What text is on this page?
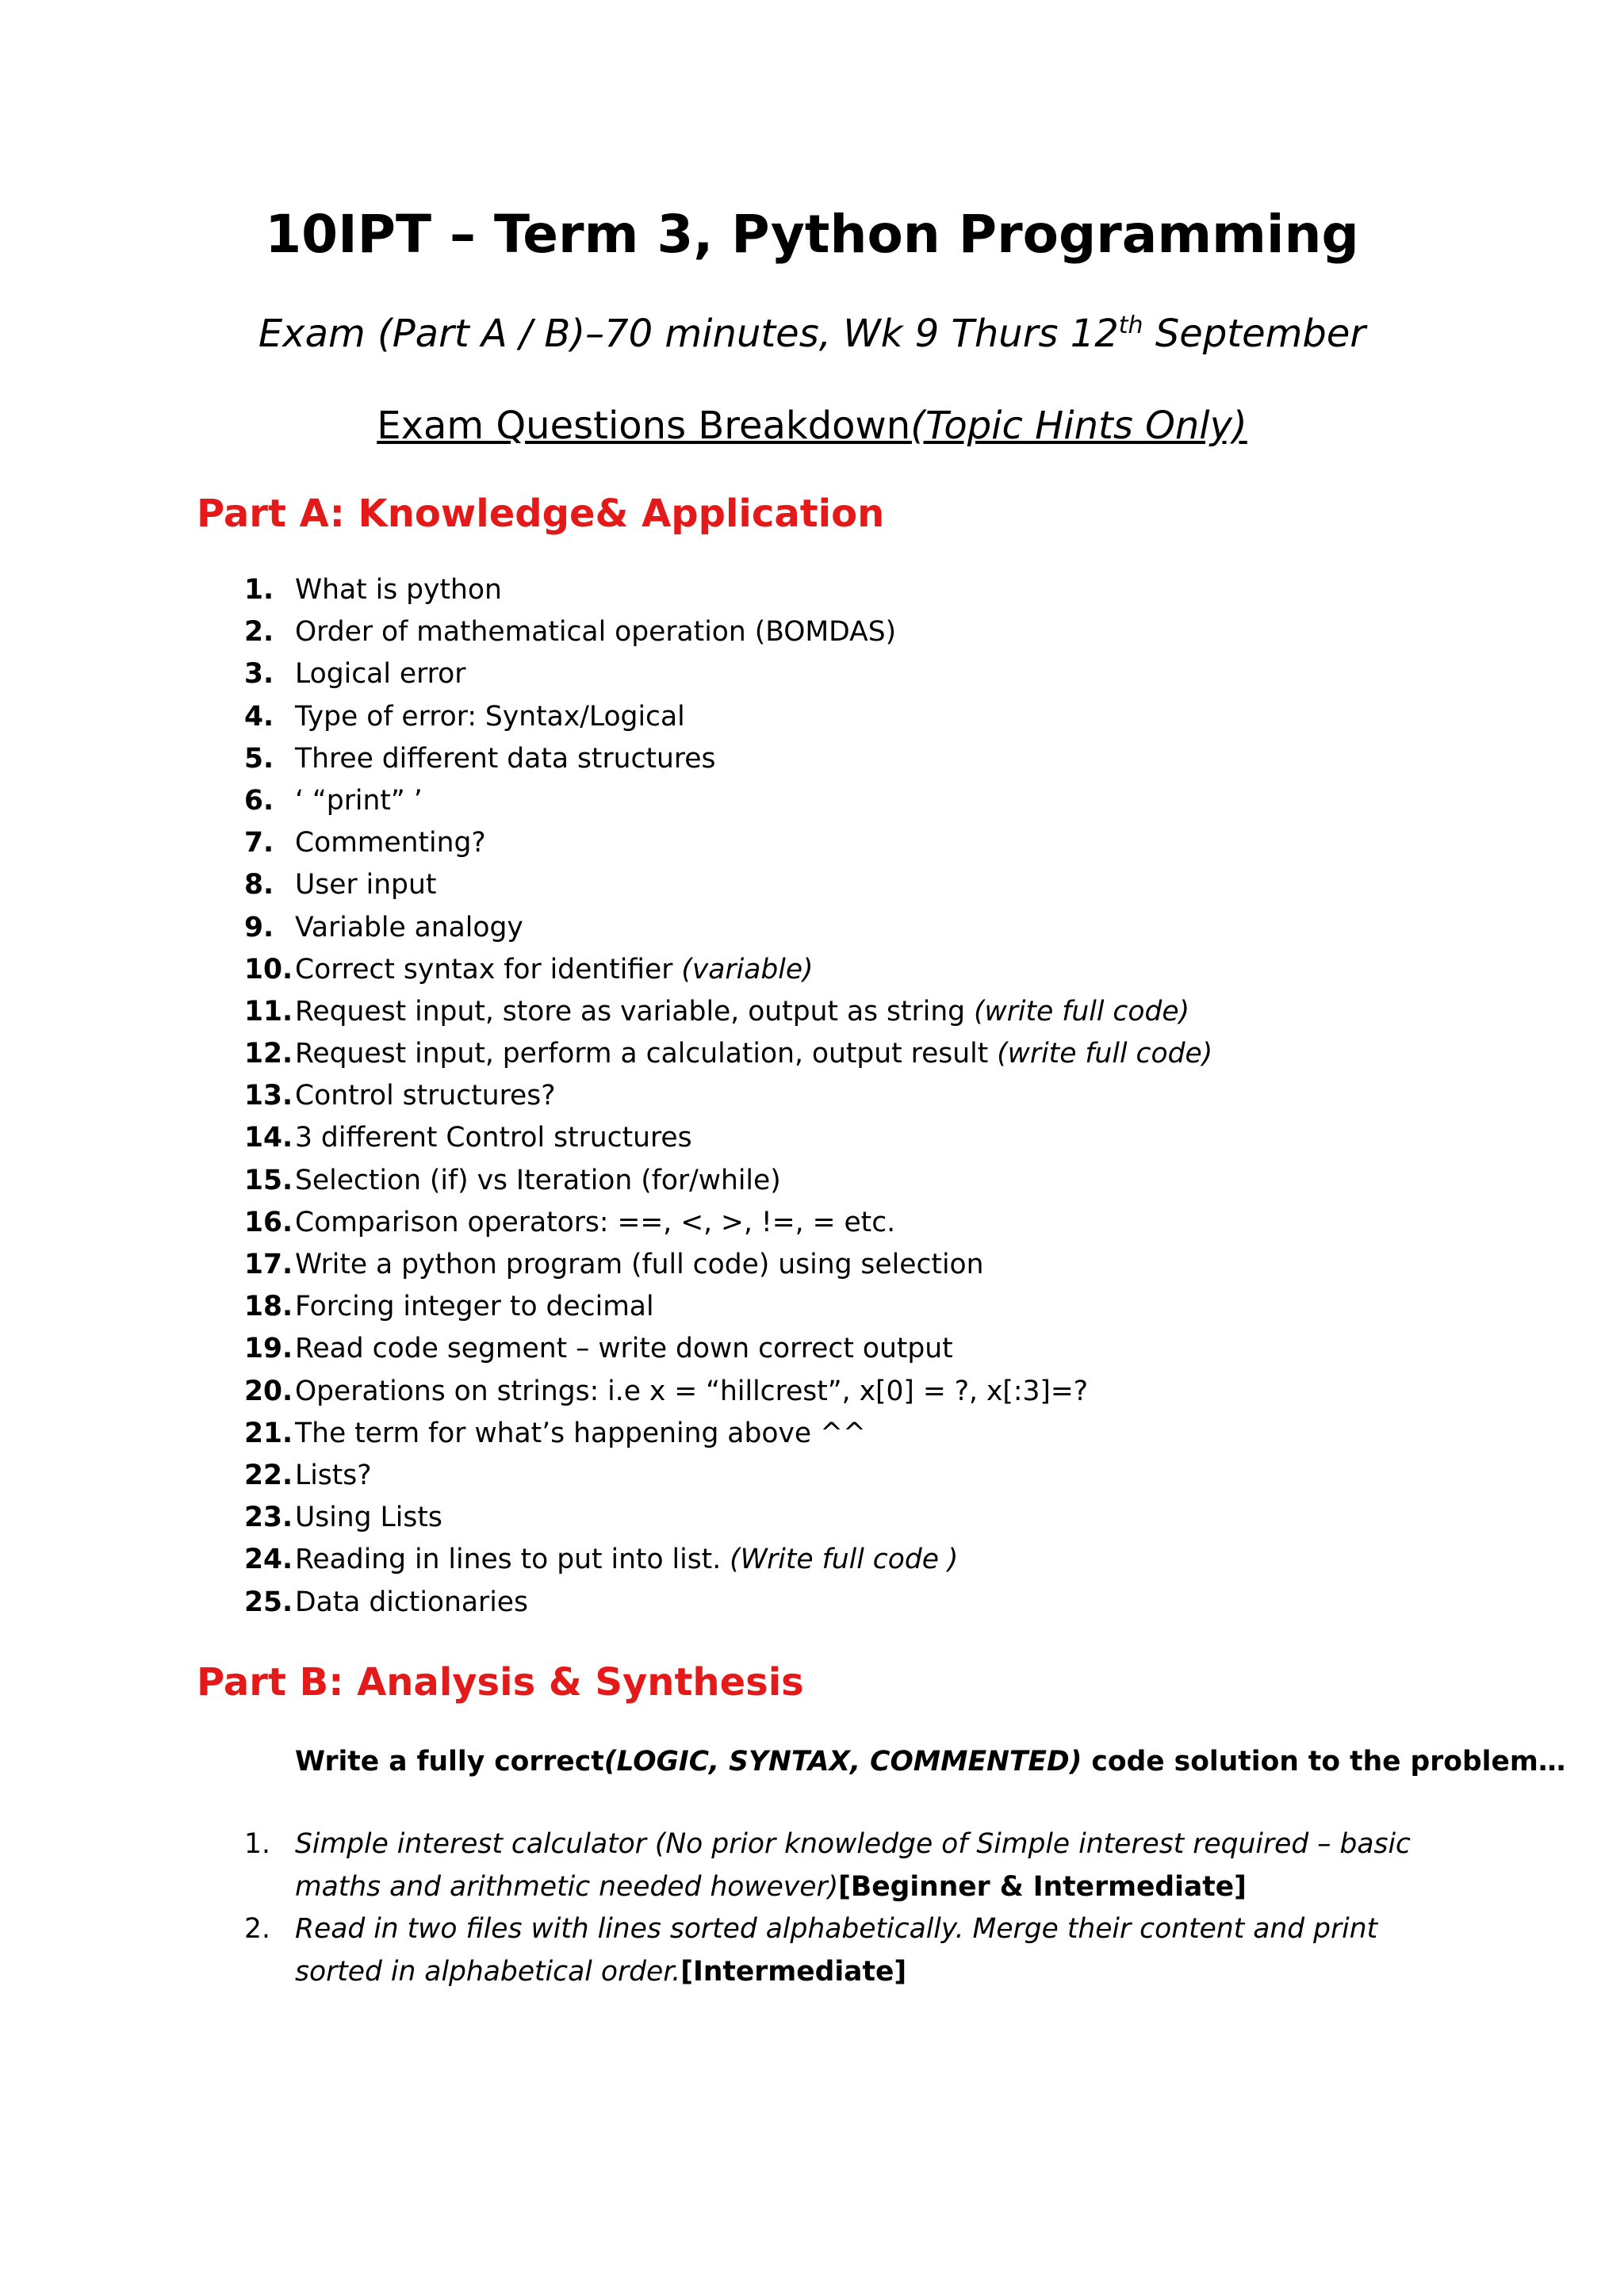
10IPT – Term 3, Python Programming
Exam (Part A / B)–70 minutes, Wk 9 Thurs 12th September
Exam Questions Breakdown(Topic Hints Only)
Part A: Knowledge& Application
1. What is python
2. Order of mathematical operation (BOMDAS)
3. Logical error
4. Type of error: Syntax/Logical
5. Three different data structures
6. ‘ “print” ’
7. Commenting?
8. User input
9. Variable analogy
10. Correct syntax for identifier (variable)
11. Request input, store as variable, output as string (write full code)
12. Request input, perform a calculation, output result (write full code)
13. Control structures?
14. 3 different Control structures
15. Selection (if) vs Iteration (for/while)
16. Comparison operators: ==, <, >, !=, = etc.
17. Write a python program (full code) using selection
18. Forcing integer to decimal
19. Read code segment – write down correct output
20. Operations on strings: i.e x = “hillcrest”, x[0] = ?, x[:3]=?
21. The term for what’s happening above ^^
22. Lists?
23. Using Lists
24. Reading in lines to put into list. (Write full code )
25. Data dictionaries
Part B: Analysis & Synthesis
Write a fully correct(LOGIC, SYNTAX, COMMENTED) code solution to the problem…
1. Simple interest calculator (No prior knowledge of Simple interest required – basic maths and arithmetic needed however)[Beginner & Intermediate]
2. Read in two files with lines sorted alphabetically. Merge their content and print sorted in alphabetical order.[Intermediate]
